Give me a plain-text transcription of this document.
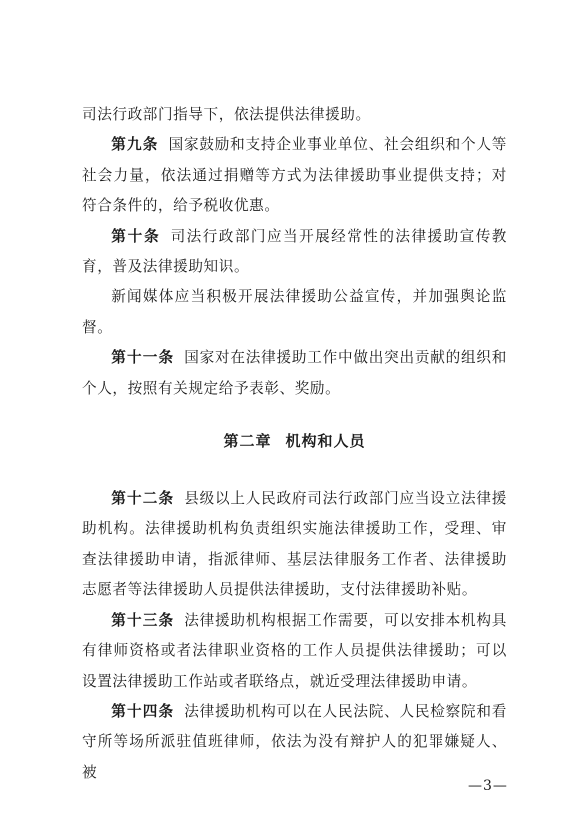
司法行政部门指导下，依法提供法律援助。

第九条 国家鼓励和支持企业事业单位、社会组织和个人等社会力量，依法通过捐赠等方式为法律援助事业提供支持；对符合条件的，给予税收优惠。

第十条 司法行政部门应当开展经常性的法律援助宣传教育，普及法律援助知识。

新闻媒体应当积极开展法律援助公益宣传，并加强舆论监督。

第十一条 国家对在法律援助工作中做出突出贡献的组织和个人，按照有关规定给予表彰、奖励。

第二章 机构和人员

第十二条 县级以上人民政府司法行政部门应当设立法律援助机构。法律援助机构负责组织实施法律援助工作，受理、审查法律援助申请，指派律师、基层法律服务工作者、法律援助志愿者等法律援助人员提供法律援助，支付法律援助补贴。

第十三条 法律援助机构根据工作需要，可以安排本机构具有律师资格或者法律职业资格的工作人员提供法律援助；可以设置法律援助工作站或者联络点，就近受理法律援助申请。

第十四条 法律援助机构可以在人民法院、人民检察院和看守所等场所派驻值班律师，依法为没有辩护人的犯罪嫌疑人、被

—3—
